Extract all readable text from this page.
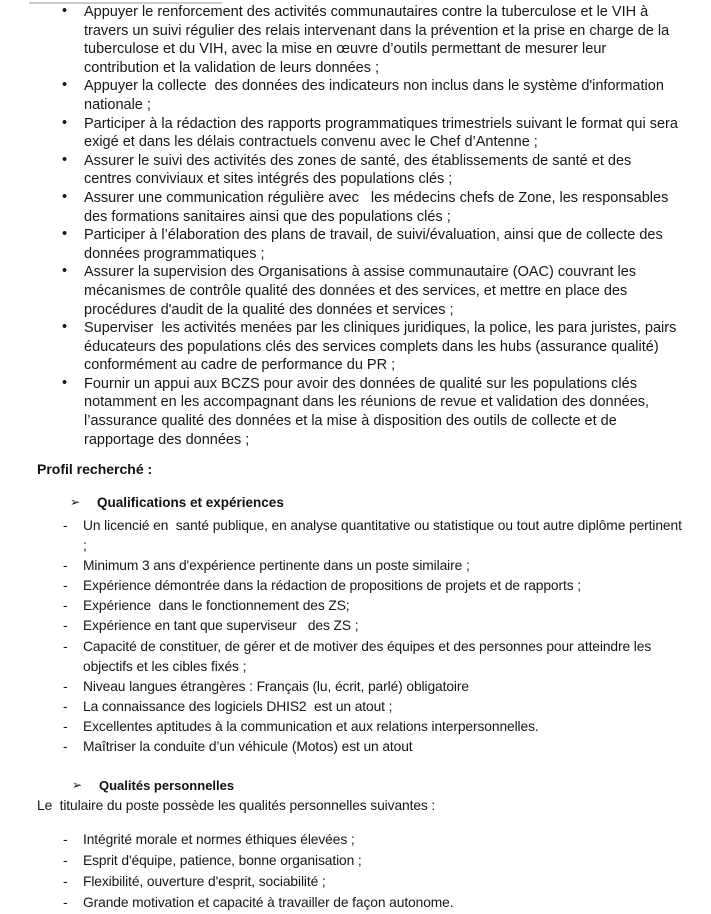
• Appuyer le renforcement des activités communautaires contre la tuberculose et le VIH à travers un suivi régulier des relais intervenant dans la prévention et la prise en charge de la tuberculose et du VIH, avec la mise en œuvre d’outils permettant de mesurer leur contribution et la validation de leurs données ;
• Appuyer la collecte  des données des indicateurs non inclus dans le système d'information nationale ;
• Participer à la rédaction des rapports programmatiques trimestriels suivant le format qui sera exigé et dans les délais contractuels convenu avec le Chef d’Antenne ;
• Assurer le suivi des activités des zones de santé, des établissements de santé et des centres conviviaux et sites intégrés des populations clés ;
• Assurer une communication régulière avec   les médecins chefs de Zone, les responsables des formations sanitaires ainsi que des populations clés ;
• Participer à l’élaboration des plans de travail, de suivi/évaluation, ainsi que de collecte des données programmatiques ;
• Assurer la supervision des Organisations à assise communautaire (OAC) couvrant les mécanismes de contrôle qualité des données et des services, et mettre en place des procédures d'audit de la qualité des données et services ;
• Superviser  les activités menées par les cliniques juridiques, la police, les para juristes, pairs éducateurs des populations clés des services complets dans les hubs (assurance qualité) conformément au cadre de performance du PR ;
• Fournir un appui aux BCZS pour avoir des données de qualité sur les populations clés notamment en les accompagnant dans les réunions de revue et validation des données, l’assurance qualité des données et la mise à disposition des outils de collecte et de rapportage des données ;
Profil recherché :
➢ Qualifications et expériences
- Un licencié en  santé publique, en analyse quantitative ou statistique ou tout autre diplôme pertinent ;
- Minimum 3 ans d'expérience pertinente dans un poste similaire ;
- Expérience démontrée dans la rédaction de propositions de projets et de rapports ;
- Expérience  dans le fonctionnement des ZS;
- Expérience en tant que superviseur   des ZS ;
- Capacité de constituer, de gérer et de motiver des équipes et des personnes pour atteindre les objectifs et les cibles fixés ;
- Niveau langues étrangères : Français (lu, écrit, parlé) obligatoire
- La connaissance des logiciels DHIS2  est un atout ;
- Excellentes aptitudes à la communication et aux relations interpersonnelles.
- Maîtriser la conduite d’un véhicule (Motos) est un atout
➢ Qualités personnelles
Le  titulaire du poste possède les qualités personnelles suivantes :
- Intégrité morale et normes éthiques élevées ;
- Esprit d'équipe, patience, bonne organisation ;
- Flexibilité, ouverture d'esprit, sociabilité ;
- Grande motivation et capacité à travailler de façon autonome.
